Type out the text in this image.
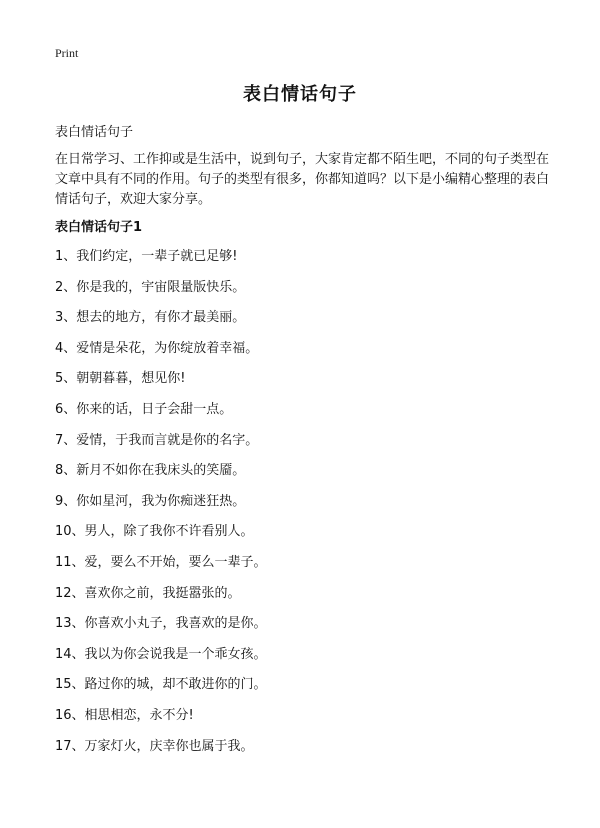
Print
表白情话句子

表白情话句子

在日常学习、工作抑或是生活中，说到句子，大家肯定都不陌生吧，不同的句子类型在文章中具有不同的作用。句子的类型有很多，你都知道吗？以下是小编精心整理的表白情话句子，欢迎大家分享。

表白情话句子1
1、我们约定，一辈子就已足够!
2、你是我的，宇宙限量版快乐。
3、想去的地方，有你才最美丽。
4、爱情是朵花，为你绽放着幸福。
5、朝朝暮暮，想见你!
6、你来的话，日子会甜一点。
7、爱情，于我而言就是你的名字。
8、新月不如你在我床头的笑靥。
9、你如星河，我为你痴迷狂热。
10、男人，除了我你不许看别人。
11、爱，要么不开始，要么一辈子。
12、喜欢你之前，我挺嚣张的。
13、你喜欢小丸子，我喜欢的是你。
14、我以为你会说我是一个乖女孩。
15、路过你的城，却不敢进你的门。
16、相思相恋，永不分!
17、万家灯火，庆幸你也属于我。
